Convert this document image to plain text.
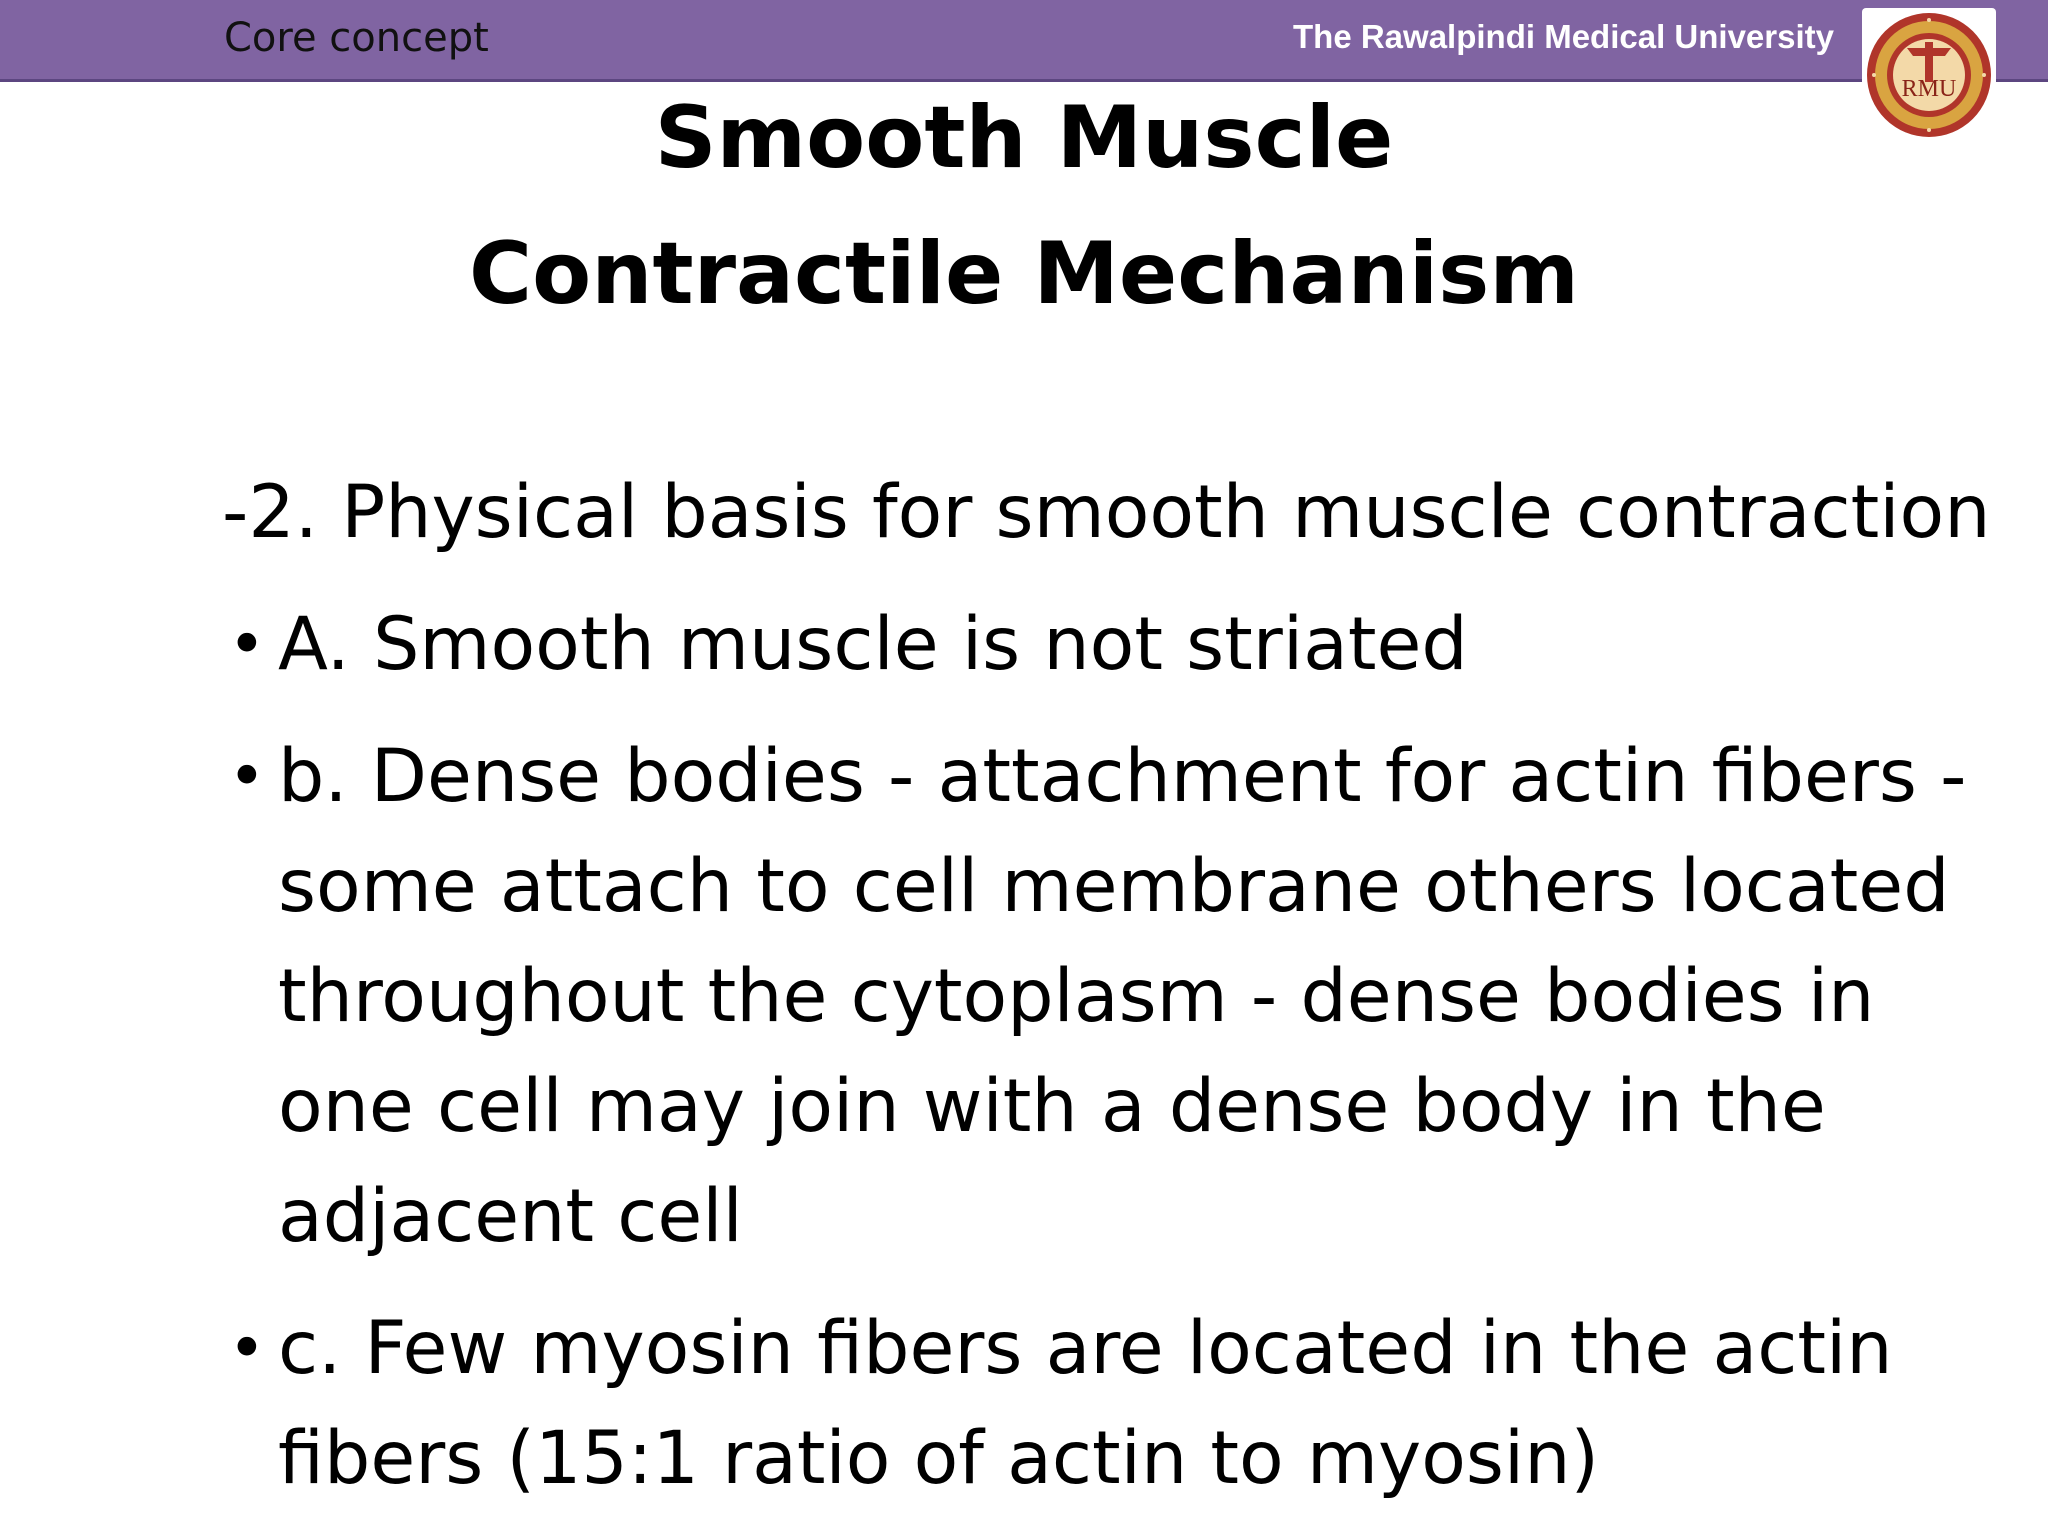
Core concept	The Rawalpindi Medical University
RMU
Smooth Muscle
Contractile Mechanism

-2. Physical basis for smooth muscle contraction

• A. Smooth muscle is not striated
• b. Dense bodies - attachment for actin fibers - some attach to cell membrane others located throughout the cytoplasm - dense bodies in one cell may join with a dense body in the adjacent cell
• c. Few myosin fibers are located in the actin fibers (15:1 ratio of actin to myosin)
